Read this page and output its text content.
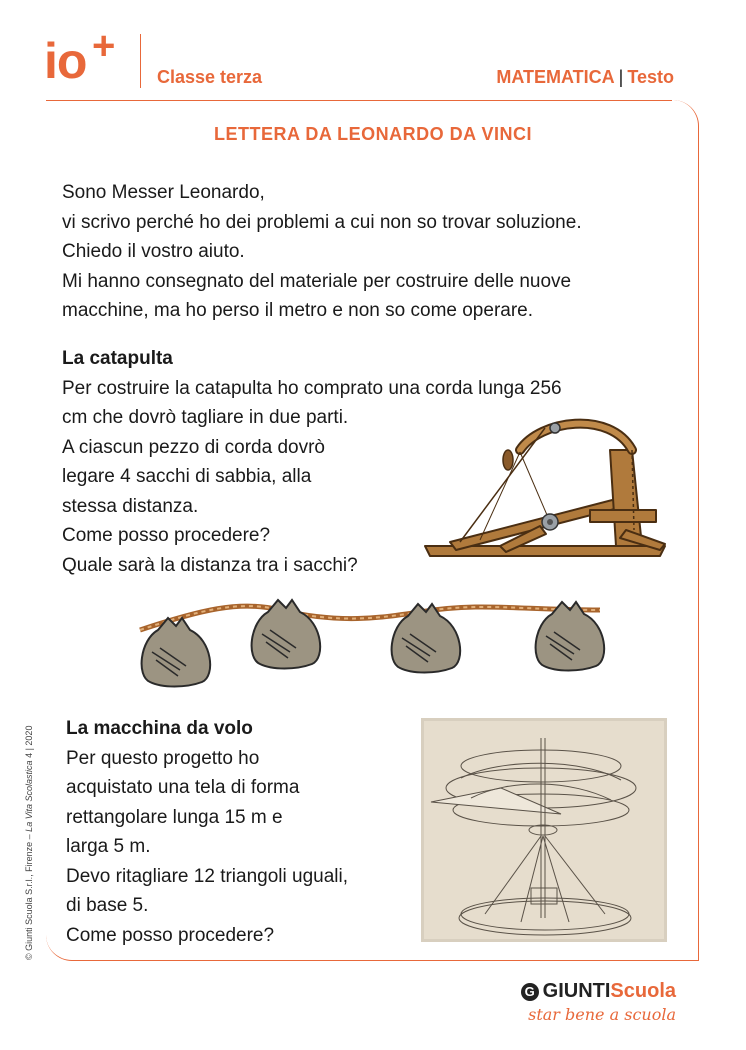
io +
Classe terza	MATEMATICA | Testo
LETTERA DA LEONARDO DA VINCI

Sono Messer Leonardo,

vi scrivo perché ho dei problemi a cui non so trovar soluzione.

Chiedo il vostro aiuto.

Mi hanno consegnato del materiale per costruire delle nuove

macchine, ma ho perso il metro e non so come operare.

La catapulta

Per costruire la catapulta ho comprato una corda lunga 256

cm che dovrò tagliare in due parti.

A ciascun pezzo di corda dovrò

legare 4 sacchi di sabbia, alla

stessa distanza.

Come posso procedere?

Quale sarà la distanza tra i sacchi?

La macchina da volo

Per questo progetto ho

acquistato una tela di forma

rettangolare lunga 15 m e

larga 5 m.

Devo ritagliare 12 triangoli uguali,

di base 5.

Come posso procedere?

© Giunti Scuola S.r.l., Firenze – La Vita Scolastica 4 | 2020
G GIUNTIScuola
star bene a scuola
